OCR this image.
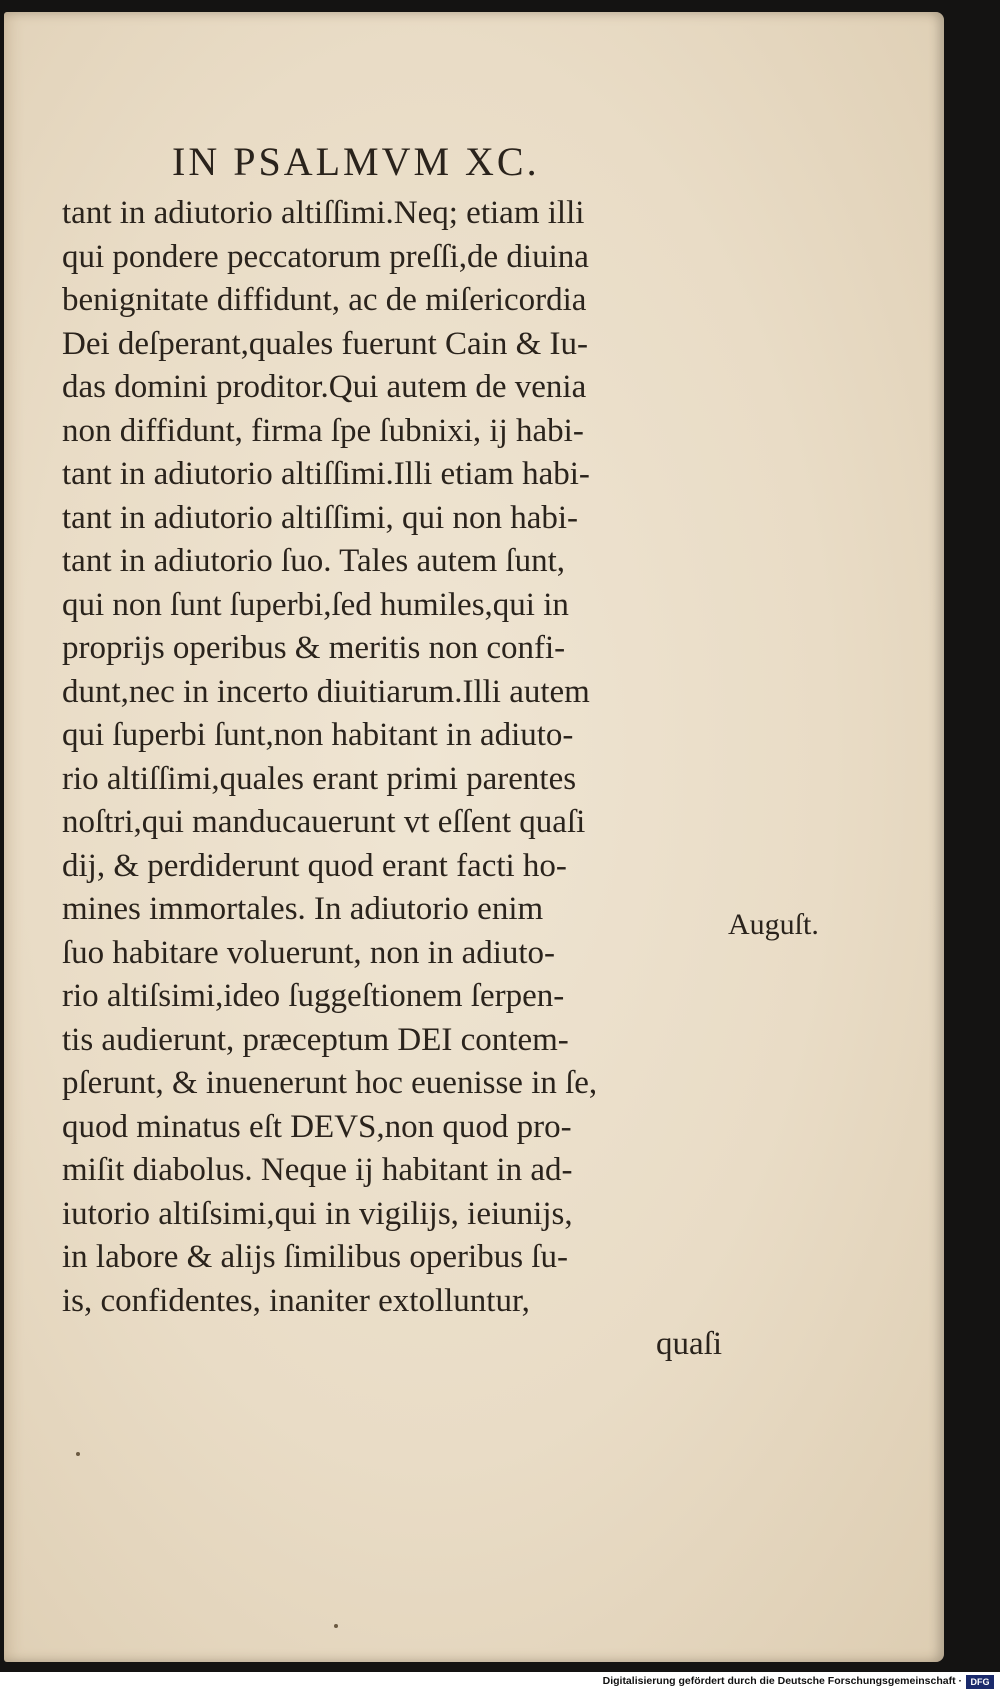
IN PSALMVM XC.
tant in adiutorio altiſſimi.Neq; etiam illi
qui pondere peccatorum preſſi,de diuina
benignitate diffidunt, ac de miſericordia
Dei deſperant,quales fuerunt Cain & Iu-
das domini proditor.Qui autem de venia
non diffidunt, firma ſpe ſubnixi, ij habi-
tant in adiutorio altiſſimi.Illi etiam habi-
tant in adiutorio altiſſimi, qui non habi-
tant in adiutorio ſuo. Tales autem ſunt,
qui non ſunt ſuperbi,ſed humiles,qui in
proprijs operibus & meritis non confi-
dunt,nec in incerto diuitiarum.Illi autem
qui ſuperbi ſunt,non habitant in adiuto-
rio altiſſimi,quales erant primi parentes
noſtri,qui manducauerunt vt eſſent quaſi
dij, & perdiderunt quod erant facti ho-
mines immortales. In adiutorio enim
ſuo habitare voluerunt, non in adiuto-
rio altiſsimi,ideo ſuggeſtionem ſerpen-
tis audierunt, præceptum DEI contem-
pſerunt, & inuenerunt hoc euenisse in ſe,
quod minatus eſt DEVS,non quod pro-
miſit diabolus. Neque ij habitant in ad-
iutorio altiſsimi,qui in vigilijs, ieiunijs,
in labore & alijs ſimilibus operibus ſu-
is, confidentes, inaniter extolluntur,
quaſi
Auguſt.
Digitalisierung gefördert durch die Deutsche Forschungsgemeinschaft · DFG
